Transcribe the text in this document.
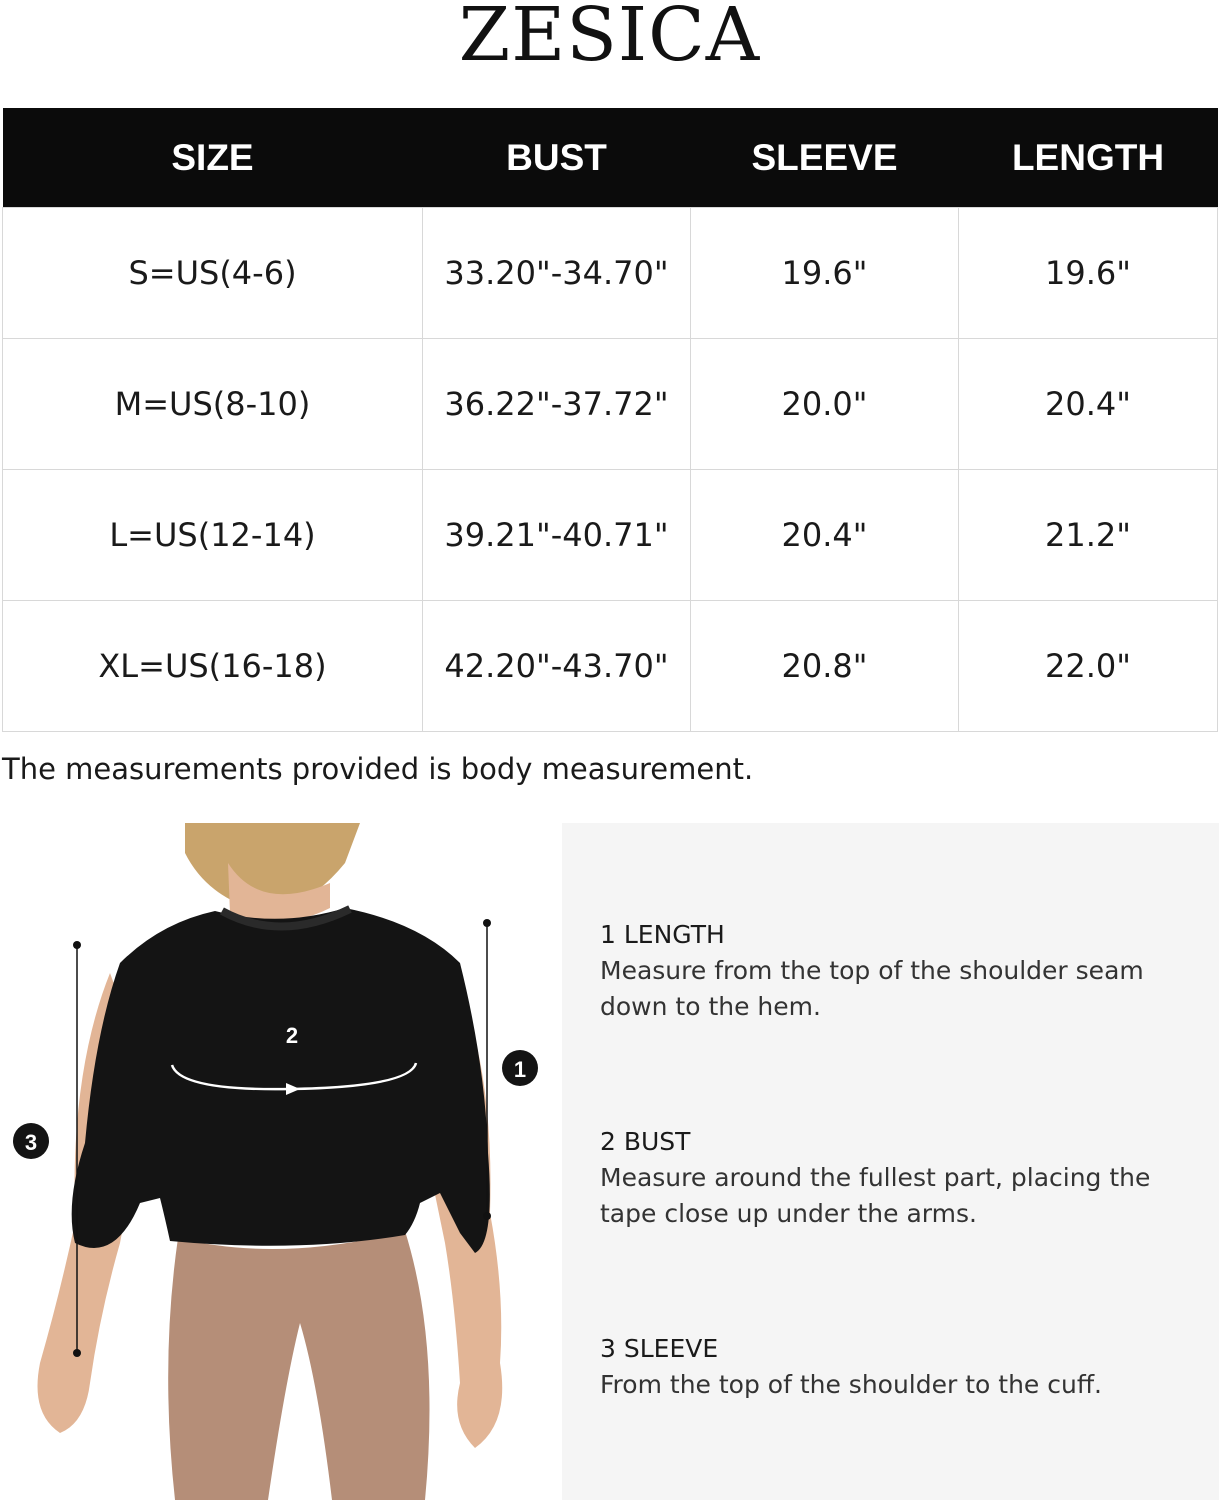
ZESICA
SIZE	BUST	SLEEVE	LENGTH
S=US(4-6)	33.20"-34.70"	19.6"	19.6"
M=US(8-10)	36.22"-37.72"	20.0"	20.4"
L=US(12-14)	39.21"-40.71"	20.4"	21.2"
XL=US(16-18)	42.20"-43.70"	20.8"	22.0"
The measurements provided is body measurement.
2
1
3
1 LENGTH
Measure from the top of the shoulder seam down to the hem.
2 BUST
Measure around the fullest part, placing the tape close up under the arms.
3 SLEEVE
From the top of the shoulder to the cuff.
